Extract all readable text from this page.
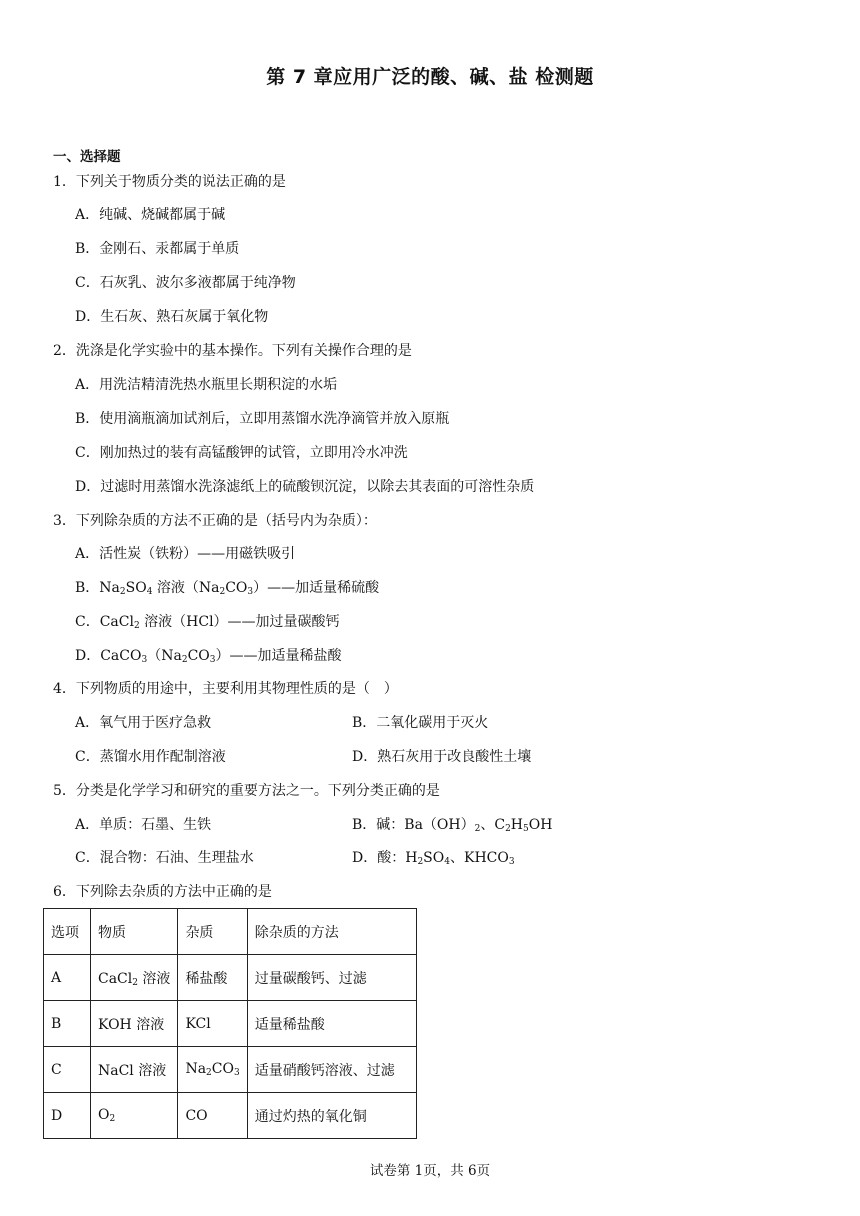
第 7 章应用广泛的酸、碱、盐 检测题
一、选择题
1．下列关于物质分类的说法正确的是
A．纯碱、烧碱都属于碱
B．金刚石、汞都属于单质
C．石灰乳、波尔多液都属于纯净物
D．生石灰、熟石灰属于氧化物
2．洗涤是化学实验中的基本操作。下列有关操作合理的是
A．用洗洁精清洗热水瓶里长期积淀的水垢
B．使用滴瓶滴加试剂后，立即用蒸馏水洗净滴管并放入原瓶
C．刚加热过的装有高锰酸钾的试管，立即用冷水冲洗
D．过滤时用蒸馏水洗涤滤纸上的硫酸钡沉淀，以除去其表面的可溶性杂质
3．下列除杂质的方法不正确的是（括号内为杂质）：
A．活性炭（铁粉）——用磁铁吸引
B．$Na_2SO_4$ 溶液$(Na_2CO_3)——$加适量稀硫酸
C．CaCl$_2$ 溶液（HCl）——加过量碳酸钙
D．$CaCO_3(Na_2CO_3)——$加适量稀盐酸
4．下列物质的用途中，主要利用其物理性质的是（　）
A．氧气用于医疗急救	B．二氧化碳用于灭火
C．蒸馏水用作配制溶液	D．熟石灰用于改良酸性土壤
5．分类是化学学习和研究的重要方法之一。下列分类正确的是
A．单质：石墨、生铁	B．碱：$Ba(OH)_2$、$C_2H_5OH$
C．混合物：石油、生理盐水	D．酸：$H_2SO_4$、$KHCO_3$
6．下列除去杂质的方法中正确的是
选项	物质	杂质	除杂质的方法
A	CaCl$_2$ 溶液	稀盐酸	过量碳酸钙、过滤
B	KOH 溶液	KCl	适量稀盐酸
C	NaCl 溶液	$Na_2CO_3$	适量硝酸钙溶液、过滤
D	$O_2$	CO	通过灼热的氧化铜
试卷第 1页，共 6页
